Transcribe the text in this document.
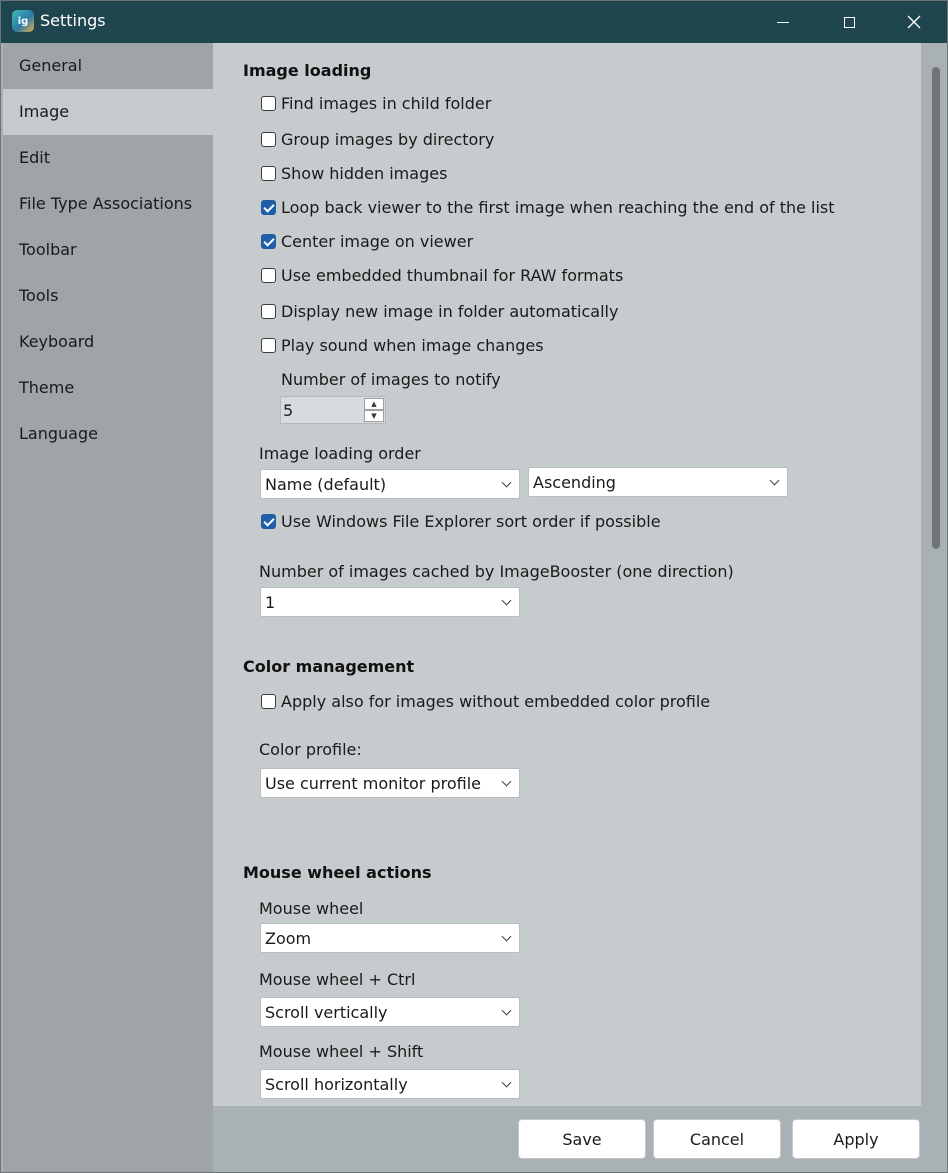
ig Settings
General
Image
Edit
File Type Associations
Toolbar
Tools
Keyboard
Theme
Language
Image loading
Find images in child folder
Group images by directory
Show hidden images
Loop back viewer to the first image when reaching the end of the list
Center image on viewer
Use embedded thumbnail for RAW formats
Display new image in folder automatically
Play sound when image changes
Number of images to notify
5	▲
▼
Image loading order
Name (default)	Ascending
Use Windows File Explorer sort order if possible
Number of images cached by ImageBooster (one direction)
1
Color management
Apply also for images without embedded color profile
Color profile:
Use current monitor profile
Mouse wheel actions
Mouse wheel
Zoom
Mouse wheel + Ctrl
Scroll vertically
Mouse wheel + Shift
Scroll horizontally
Save	Cancel	Apply
